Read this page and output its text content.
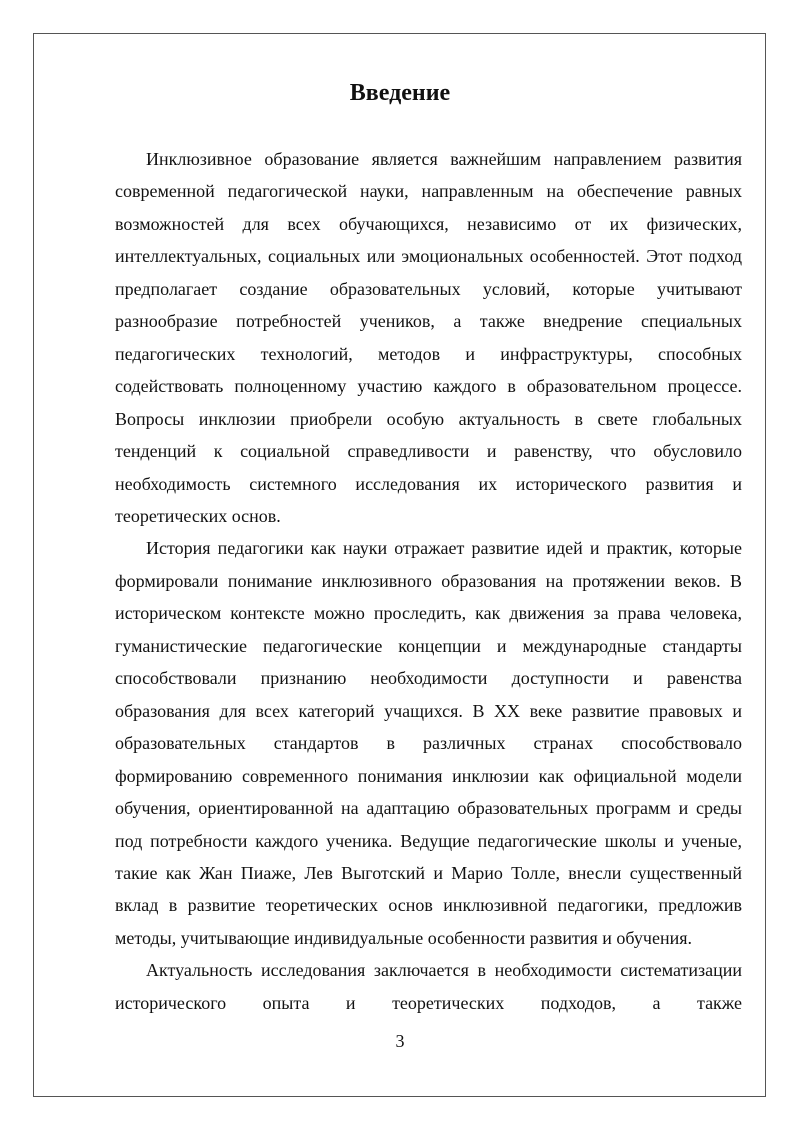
Введение

Инклюзивное образование является важнейшим направлением развития современной педагогической науки, направленным на обеспечение равных возможностей для всех обучающихся, независимо от их физических, интеллектуальных, социальных или эмоциональных особенностей. Этот подход предполагает создание образовательных условий, которые учитывают разнообразие потребностей учеников, а также внедрение специальных педагогических технологий, методов и инфраструктуры, способных содействовать полноценному участию каждого в образовательном процессе. Вопросы инклюзии приобрели особую актуальность в свете глобальных тенденций к социальной справедливости и равенству, что обусловило необходимость системного исследования их исторического развития и теоретических основ.

История педагогики как науки отражает развитие идей и практик, которые формировали понимание инклюзивного образования на протяжении веков. В историческом контексте можно проследить, как движения за права человека, гуманистические педагогические концепции и международные стандарты способствовали признанию необходимости доступности и равенства образования для всех категорий учащихся. В XX веке развитие правовых и образовательных стандартов в различных странах способствовало формированию современного понимания инклюзии как официальной модели обучения, ориентированной на адаптацию образовательных программ и среды под потребности каждого ученика. Ведущие педагогические школы и ученые, такие как Жан Пиаже, Лев Выготский и Марио Толле, внесли существенный вклад в развитие теоретических основ инклюзивной педагогики, предложив методы, учитывающие индивидуальные особенности развития и обучения.

Актуальность исследования заключается в необходимости систематизации исторического опыта и теоретических подходов, а также

3
